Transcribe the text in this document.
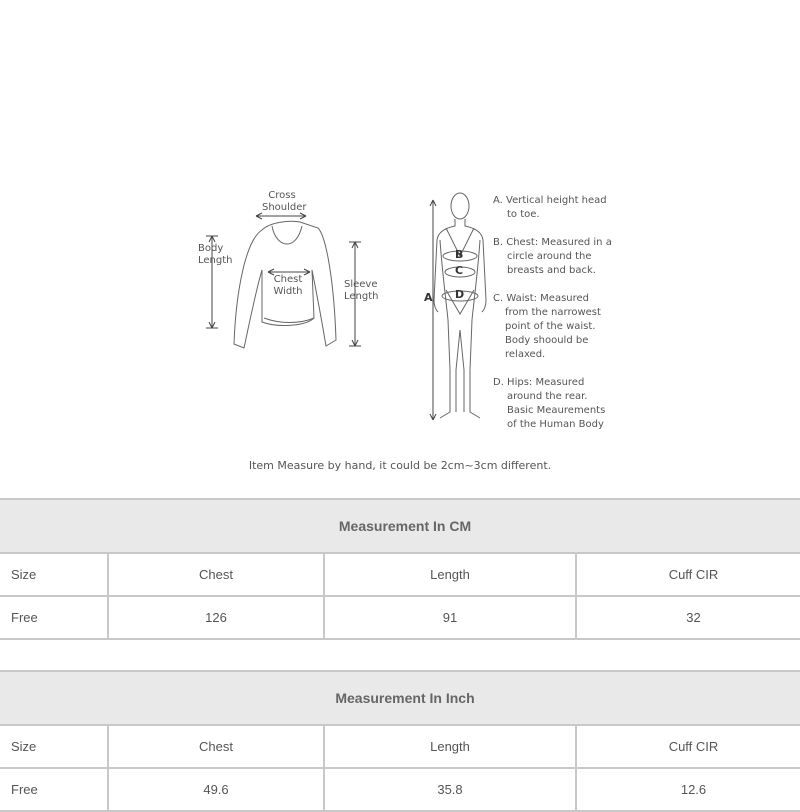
Cross
Shoulder
Body
Length
Chest
Width
Sleeve
Length	A
B
C
D
A. Vertical height head
to toe.
B. Chest: Measured in a
circle around the
breasts and back.
C. Waist: Measured
from the narrowest
point of the waist.
Body shoould be
relaxed.
D. Hips: Measured
around the rear.
Basic Meaurements
of the Human Body
Item Measure by hand, it could be 2cm~3cm different.
Measurement In CM			
Size	Chest	Length	Cuff CIR
Free	126	91	32
Measurement In Inch			
Size	Chest	Length	Cuff CIR
Free	49.6	35.8	12.6
